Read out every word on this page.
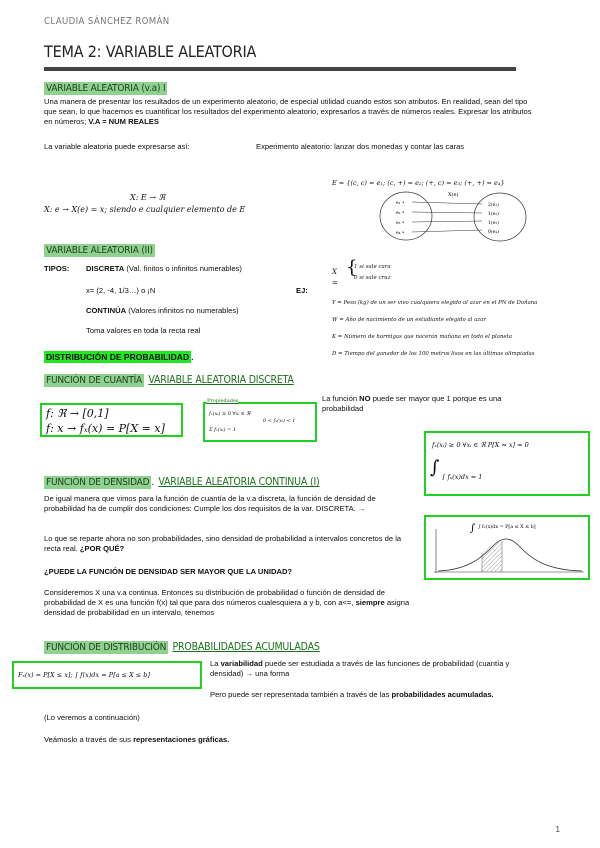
CLAUDIA SÁNCHEZ ROMÁN
TEMA 2: VARIABLE ALEATORIA
VARIABLE ALEATORIA (v.a) I
Una manera de presentar los resultados de un experimento aleatorio, de especial utilidad cuando estos son atributos. En realidad, sean del tipo que sean, lo que hacemos es cuantificar los resultados del experimento aleatorio, expresarlos a través de números reales. Expresar los atributos en números; V.A = NUM REALES
La variable aleatoria puede expresarse así:	Experimento aleatorio: lanzar dos monedas y contar las caras
X: E → ℜ
X: e → X(e) = x; siendo e cualquier elemento de E
E = {(c, c) = e₁; (c, +) = e₂; (+, c) = e₃; (+, +) = e₄}
X(e)
e₁ •
e₂ •
e₃ •
e₄ •
2(e₁)
1(e₂)
1(e₃)
0(e₄)
VARIABLE ALEATORIA (II)
TIPOS: DISCRETA (Val. finitos o infinitos numerables)
x= (2, -4, 1/3…) o ¡N
CONTINÚA (Valores infinitos no numerables)
Toma valores en toda la recta real
EJ:
X =
{
1 si sale cara
0 si sale cruz
Y = Peso (kg) de un ser vivo cualquiera elegido al azar en el PN de Doñana
W = Año de nacimiento de un estudiante elegido al azar
K = Número de hormigas que nacerán mañana en todo el planeta
D = Tiempo del ganador de los 100 metros lisos en las últimas olimpiadas
DISTRIBUCIÓN DE PROBABILIDAD .
FUNCIÓN DE CUANTÍA VARIABLE ALEATORIA DISCRETA
f: ℜ → [0,1]
f: x → fₓ(x) = P[X = x]
Propiedades
fₓ(xᵢ) ≥ 0 ∀xᵢ ∈ ℜ
Σ fₓ(xᵢ) = 1
0 < fₓ(xᵢ) < 1
La función NO puede ser mayor que 1 porque es una probabilidad
fₓ(xᵢ) ≥ 0 ∀xᵢ ∈ ℜ P[X = x] = 0
∫ ∫ fₓ(x)dx = 1
FUNCIÓN DE DENSIDAD . VARIABLE ALEATORIA CONTINUA (I)
De igual manera que vimos para la función de cuantía de la v.a discreta, la función de densidad de probabilidad ha de cumplir dos condiciones: Cumple los dos requisitos de la var. DISCRETA. →
Lo que se reparte ahora no son probabilidades, sino densidad de probabilidad a intervalos concretos de la recta real. ¿POR QUÉ?
¿PUEDE LA FUNCIÓN DE DENSIDAD SER MAYOR QUE LA UNIDAD?
Consideremos X una v.a continua. Entonces su distribución de probabilidad o función de densidad de probabilidad de X es una función f(x) tal que para dos números cualesquiera a y b, con a<=, siempre asigna densidad de probabilidad en un intervalo, tenemos
∫ ∫ fₓ(x)dx = P[a ≤ X ≤ b]
FUNCIÓN DE DISTRIBUCIÓN PROBABILIDADES ACUMULADAS
Fₓ(x) = P[X ≤ x]; ∫ f(x)dx = P[a ≤ X ≤ b]
La variabilidad puede ser estudiada a través de las funciones de probabilidad (cuantía y densidad) → una forma
Pero puede ser representada también a través de las probabilidades acumuladas.
(Lo veremos a continuación)
Veámoslo a través de sus representaciones gráficas.
1
